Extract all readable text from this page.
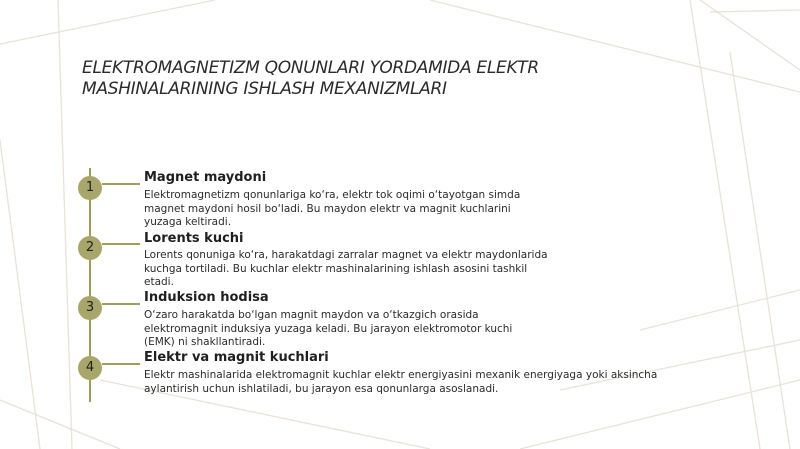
ELEKTROMAGNETIZM QONUNLARI YORDAMIDA ELEKTR MASHINALARINING ISHLASH MEXANIZMLARI
1
Magnet maydoni

Elektromagnetizm qonunlariga ko‘ra, elektr tok oqimi o‘tayotgan simda magnet maydoni hosil bo‘ladi. Bu maydon elektr va magnit kuchlarini yuzaga keltiradi.

2
Lorents kuchi

Lorents qonuniga ko‘ra, harakatdagi zarralar magnet va elektr maydonlarida kuchga tortiladi. Bu kuchlar elektr mashinalarining ishlash asosini tashkil etadi.

3
Induksion hodisa

O‘zaro harakatda bo‘lgan magnit maydon va o‘tkazgich orasida elektromagnit induksiya yuzaga keladi. Bu jarayon elektromotor kuchi (EMK) ni shakllantiradi.

4
Elektr va magnit kuchlari

Elektr mashinalarida elektromagnit kuchlar elektr energiyasini mexanik energiyaga yoki aksincha aylantirish uchun ishlatiladi, bu jarayon esa qonunlarga asoslanadi.
